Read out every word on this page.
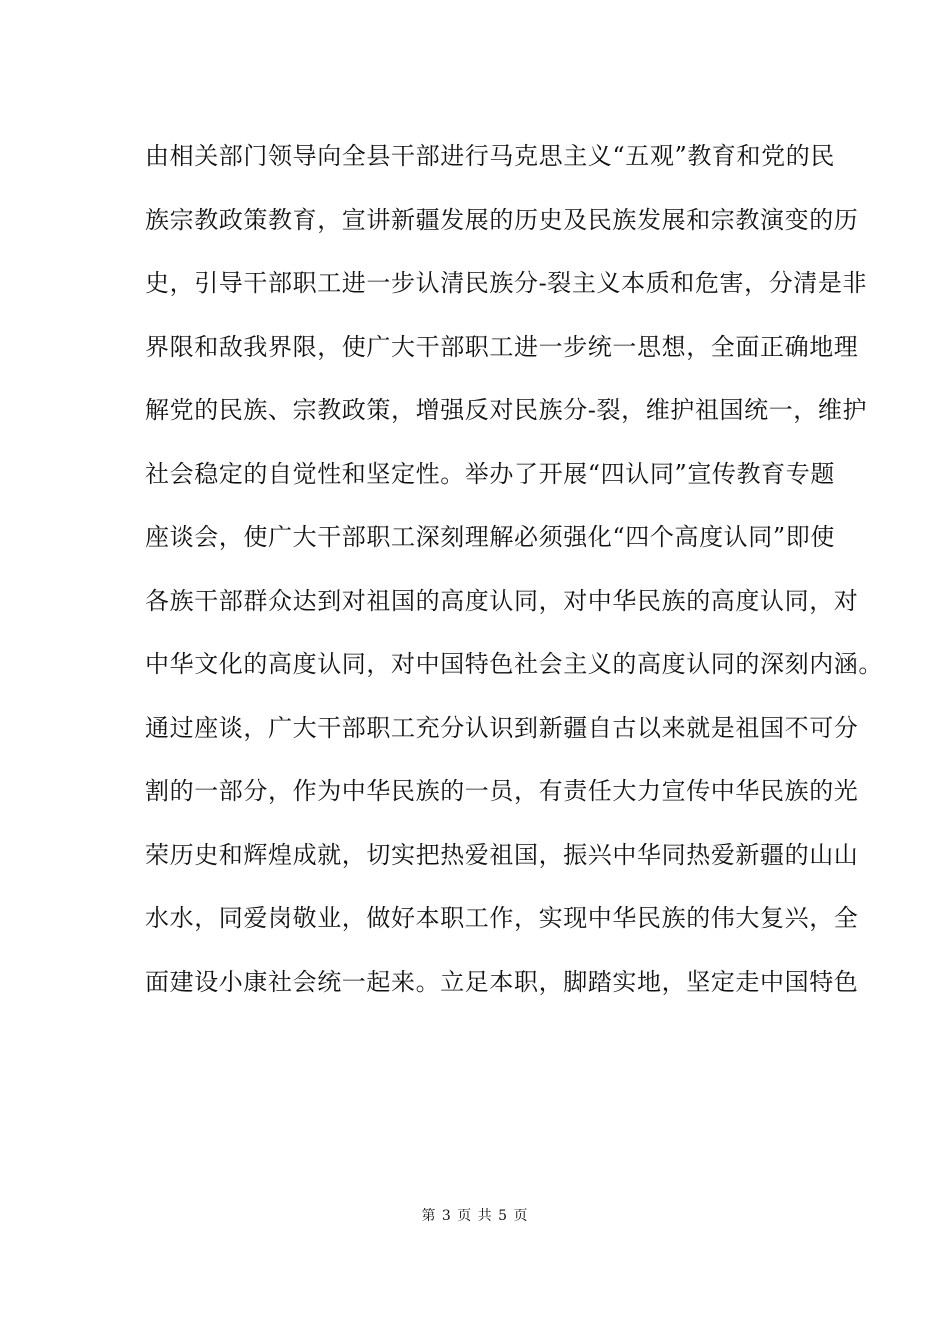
由相关部门领导向全县干部进行马克思主义“五观”教育和党的民
族宗教政策教育，宣讲新疆发展的历史及民族发展和宗教演变的历
史，引导干部职工进一步认清民族分-裂主义本质和危害，分清是非
界限和敌我界限，使广大干部职工进一步统一思想，全面正确地理
解党的民族、宗教政策，增强反对民族分-裂，维护祖国统一，维护
社会稳定的自觉性和坚定性。举办了开展“四认同”宣传教育专题
座谈会，使广大干部职工深刻理解必须强化“四个高度认同”即使
各族干部群众达到对祖国的高度认同，对中华民族的高度认同，对
中华文化的高度认同，对中国特色社会主义的高度认同的深刻内涵。
通过座谈，广大干部职工充分认识到新疆自古以来就是祖国不可分
割的一部分，作为中华民族的一员，有责任大力宣传中华民族的光
荣历史和辉煌成就，切实把热爱祖国，振兴中华同热爱新疆的山山
水水，同爱岗敬业，做好本职工作，实现中华民族的伟大复兴，全
面建设小康社会统一起来。立足本职，脚踏实地，坚定走中国特色
第 3 页 共 5 页
